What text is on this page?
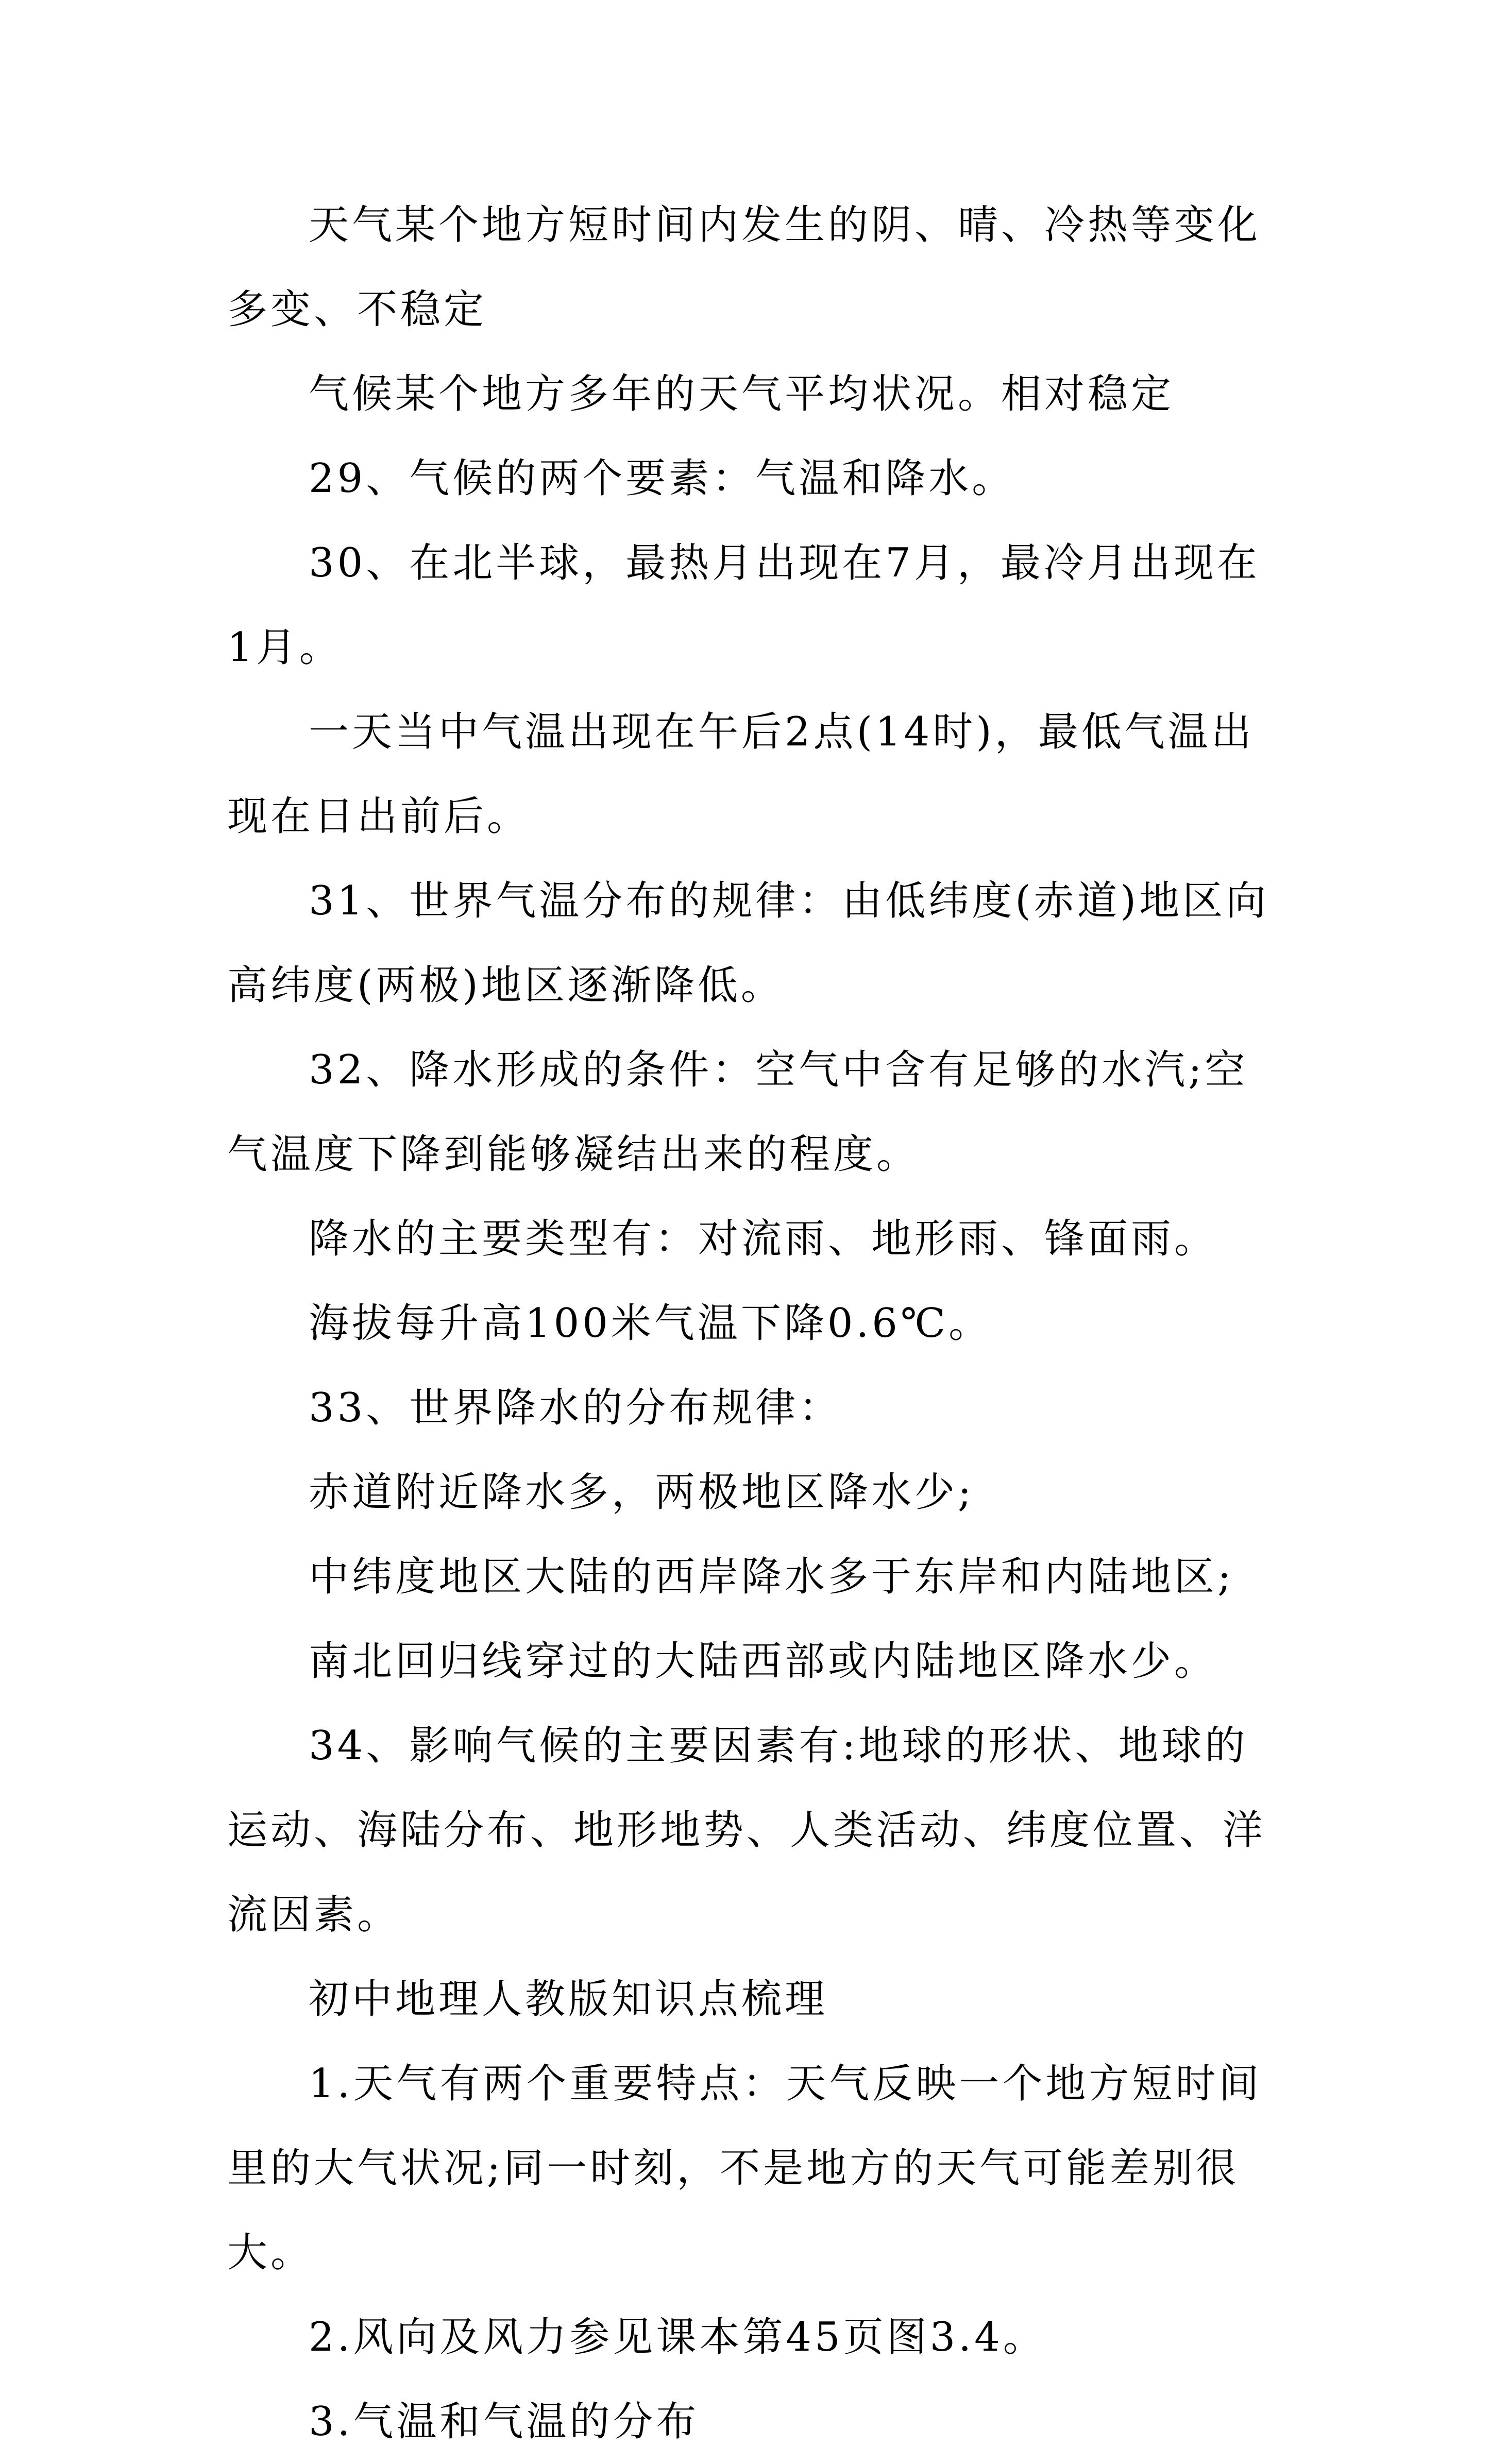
天气某个地方短时间内发生的阴、晴、冷热等变化多变、不稳定

气候某个地方多年的天气平均状况。相对稳定

29、气候的两个要素：气温和降水。

30、在北半球，最热月出现在7月，最冷月出现在1月。

一天当中气温出现在午后2点(14时)，最低气温出现在日出前后。

31、世界气温分布的规律：由低纬度(赤道)地区向高纬度(两极)地区逐渐降低。

32、降水形成的条件：空气中含有足够的水汽;空气温度下降到能够凝结出来的程度。

降水的主要类型有：对流雨、地形雨、锋面雨。

海拔每升高100米气温下降0.6℃。

33、世界降水的分布规律：

赤道附近降水多，两极地区降水少;

中纬度地区大陆的西岸降水多于东岸和内陆地区;

南北回归线穿过的大陆西部或内陆地区降水少。

34、影响气候的主要因素有:地球的形状、地球的运动、海陆分布、地形地势、人类活动、纬度位置、洋流因素。

初中地理人教版知识点梳理

1.天气有两个重要特点：天气反映一个地方短时间里的大气状况;同一时刻，不是地方的天气可能差别很大。

2.风向及风力参见课本第45页图3.4。

3.气温和气温的分布
